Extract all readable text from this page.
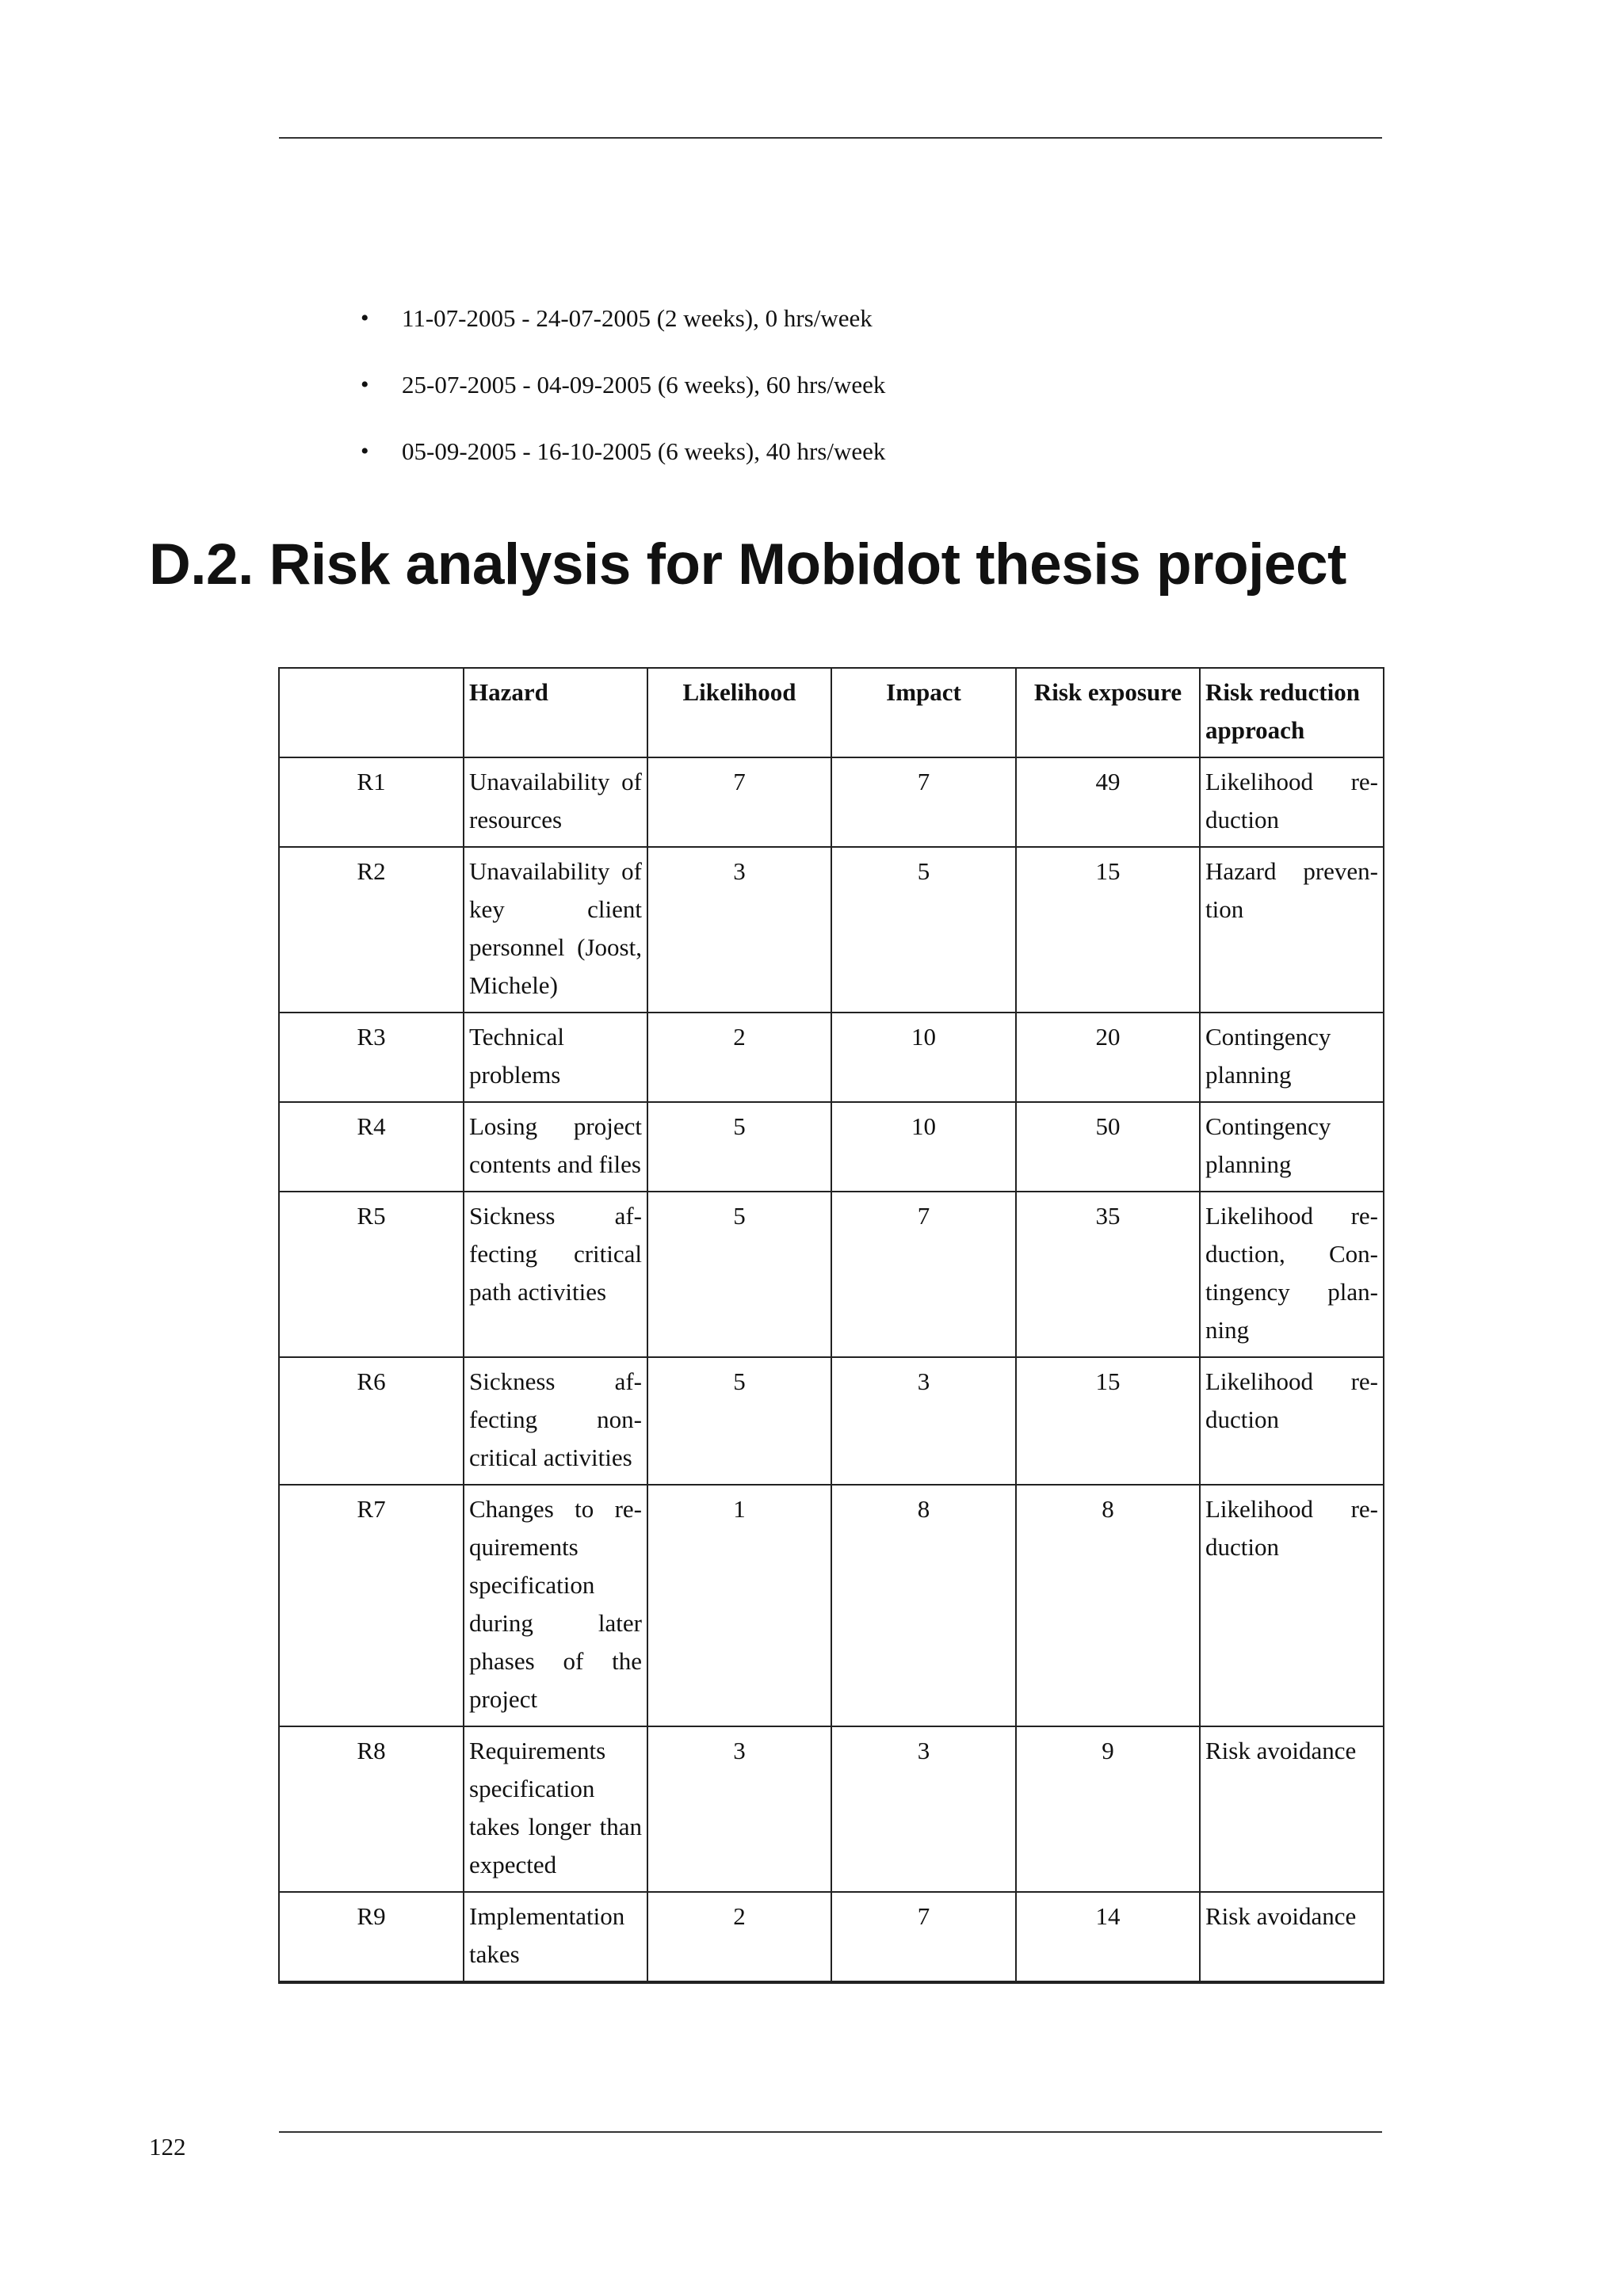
• 11-07-2005 - 24-07-2005 (2 weeks), 0 hrs/week
• 25-07-2005 - 04-09-2005 (6 weeks), 60 hrs/week
• 05-09-2005 - 16-10-2005 (6 weeks), 40 hrs/week
D.2. Risk analysis for Mobidot thesis project
	Hazard	Likelihood	Impact	Risk exposure	Risk reduction approach
R1	Unavailability of resources	7	7	49	Likelihood reduction
R2	Unavailability of key client personnel (Joost, Michele)	3	5	15	Hazard prevention
R3	Technical problems	2	10	20	Contingency planning
R4	Losing project contents and files	5	10	50	Contingency planning
R5	Sickness affecting critical path activities	5	7	35	Likelihood reduction, Contingency planning
R6	Sickness affecting non-critical activities	5	3	15	Likelihood reduction
R7	Changes to requirements specification during later phases of the project	1	8	8	Likelihood reduction
R8	Requirements specification takes longer than expected	3	3	9	Risk avoidance
R9	Implementation takes	2	7	14	Risk avoidance
122
